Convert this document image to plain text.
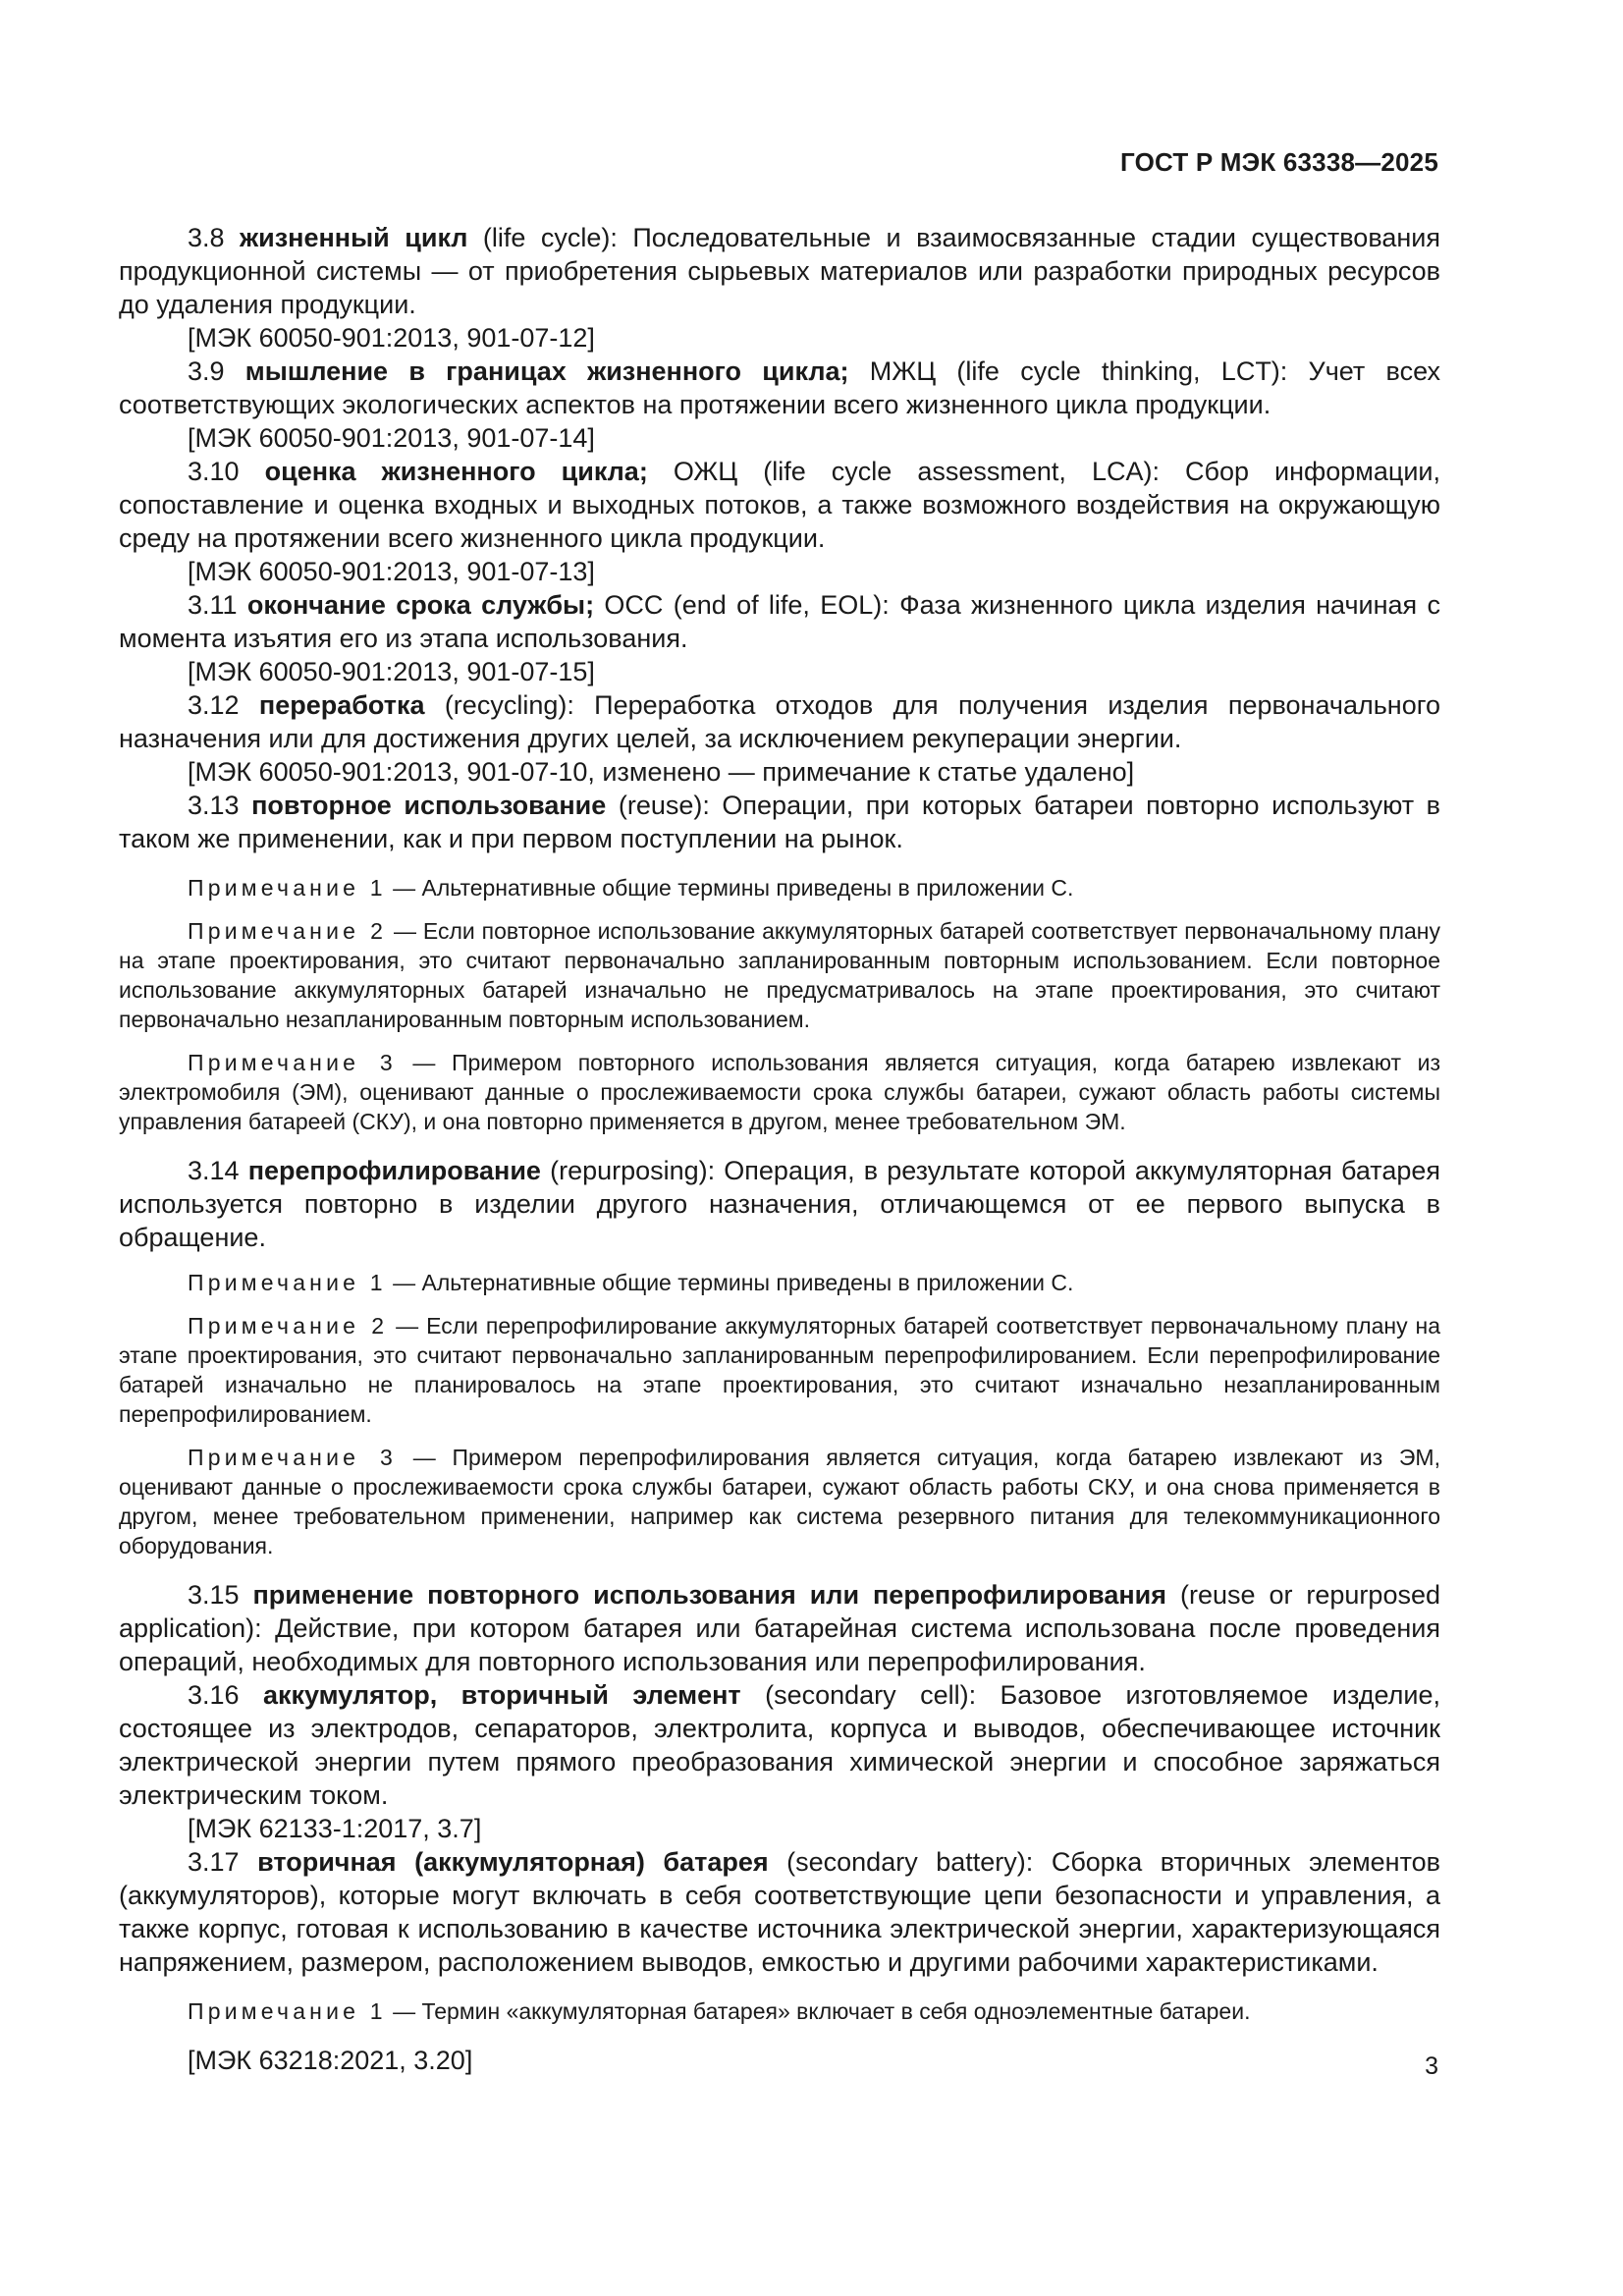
ГОСТ Р МЭК 63338—2025

3.8 жизненный цикл (life cycle): Последовательные и взаимосвязанные стадии существования продукционной системы — от приобретения сырьевых материалов или разработки природных ресурсов до удаления продукции.

[МЭК 60050-901:2013, 901-07-12]

3.9 мышление в границах жизненного цикла; МЖЦ (life cycle thinking, LCT): Учет всех соответствующих экологических аспектов на протяжении всего жизненного цикла продукции.

[МЭК 60050-901:2013, 901-07-14]

3.10 оценка жизненного цикла; ОЖЦ (life cycle assessment, LCA): Сбор информации, сопоставление и оценка входных и выходных потоков, а также возможного воздействия на окружающую среду на протяжении всего жизненного цикла продукции.

[МЭК 60050-901:2013, 901-07-13]

3.11 окончание срока службы; ОСС (end of life, EOL): Фаза жизненного цикла изделия начиная с момента изъятия его из этапа использования.

[МЭК 60050-901:2013, 901-07-15]

3.12 переработка (recycling): Переработка отходов для получения изделия первоначального назначения или для достижения других целей, за исключением рекуперации энергии.

[МЭК 60050-901:2013, 901-07-10, изменено — примечание к статье удалено]

3.13 повторное использование (reuse): Операции, при которых батареи повторно используют в таком же применении, как и при первом поступлении на рынок.

Примечание 1 — Альтернативные общие термины приведены в приложении С.

Примечание 2 — Если повторное использование аккумуляторных батарей соответствует первоначальному плану на этапе проектирования, это считают первоначально запланированным повторным использованием. Если повторное использование аккумуляторных батарей изначально не предусматривалось на этапе проектирования, это считают первоначально незапланированным повторным использованием.

Примечание 3 — Примером повторного использования является ситуация, когда батарею извлекают из электромобиля (ЭМ), оценивают данные о прослеживаемости срока службы батареи, сужают область работы системы управления батареей (СКУ), и она повторно применяется в другом, менее требовательном ЭМ.

3.14 перепрофилирование (repurposing): Операция, в результате которой аккумуляторная батарея используется повторно в изделии другого назначения, отличающемся от ее первого выпуска в обращение.

Примечание 1 — Альтернативные общие термины приведены в приложении С.

Примечание 2 — Если перепрофилирование аккумуляторных батарей соответствует первоначальному плану на этапе проектирования, это считают первоначально запланированным перепрофилированием. Если перепрофилирование батарей изначально не планировалось на этапе проектирования, это считают изначально незапланированным перепрофилированием.

Примечание 3 — Примером перепрофилирования является ситуация, когда батарею извлекают из ЭМ, оценивают данные о прослеживаемости срока службы батареи, сужают область работы СКУ, и она снова применяется в другом, менее требовательном применении, например как система резервного питания для телекоммуникационного оборудования.

3.15 применение повторного использования или перепрофилирования (reuse or repurposed application): Действие, при котором батарея или батарейная система использована после проведения операций, необходимых для повторного использования или перепрофилирования.

3.16 аккумулятор, вторичный элемент (secondary cell): Базовое изготовляемое изделие, состоящее из электродов, сепараторов, электролита, корпуса и выводов, обеспечивающее источник электрической энергии путем прямого преобразования химической энергии и способное заряжаться электрическим током.

[МЭК 62133-1:2017, 3.7]

3.17 вторичная (аккумуляторная) батарея (secondary battery): Сборка вторичных элементов (аккумуляторов), которые могут включать в себя соответствующие цепи безопасности и управления, а также корпус, готовая к использованию в качестве источника электрической энергии, характеризующаяся напряжением, размером, расположением выводов, емкостью и другими рабочими характеристиками.

Примечание 1 — Термин «аккумуляторная батарея» включает в себя одноэлементные батареи.

[МЭК 63218:2021, 3.20]	3
